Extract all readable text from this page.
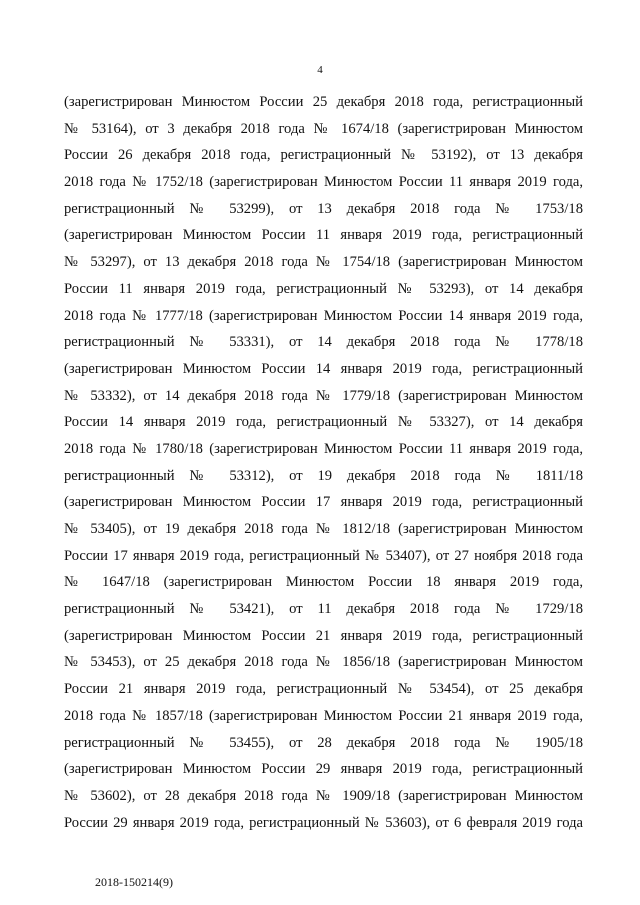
4
(зарегистрирован Минюстом России 25 декабря 2018 года, регистрационный
№ 53164), от 3 декабря 2018 года № 1674/18 (зарегистрирован Минюстом
России 26 декабря 2018 года, регистрационный № 53192), от 13 декабря
2018 года № 1752/18 (зарегистрирован Минюстом России 11 января 2019 года,
регистрационный № 53299), от 13 декабря 2018 года № 1753/18
(зарегистрирован Минюстом России 11 января 2019 года, регистрационный
№ 53297), от 13 декабря 2018 года № 1754/18 (зарегистрирован Минюстом
России 11 января 2019 года, регистрационный № 53293), от 14 декабря
2018 года № 1777/18 (зарегистрирован Минюстом России 14 января 2019 года,
регистрационный № 53331), от 14 декабря 2018 года № 1778/18
(зарегистрирован Минюстом России 14 января 2019 года, регистрационный
№ 53332), от 14 декабря 2018 года № 1779/18 (зарегистрирован Минюстом
России 14 января 2019 года, регистрационный № 53327), от 14 декабря
2018 года № 1780/18 (зарегистрирован Минюстом России 11 января 2019 года,
регистрационный № 53312), от 19 декабря 2018 года № 1811/18
(зарегистрирован Минюстом России 17 января 2019 года, регистрационный
№ 53405), от 19 декабря 2018 года № 1812/18 (зарегистрирован Минюстом
России 17 января 2019 года, регистрационный № 53407), от 27 ноября 2018 года
№ 1647/18 (зарегистрирован Минюстом России 18 января 2019 года,
регистрационный № 53421), от 11 декабря 2018 года № 1729/18
(зарегистрирован Минюстом России 21 января 2019 года, регистрационный
№ 53453), от 25 декабря 2018 года № 1856/18 (зарегистрирован Минюстом
России 21 января 2019 года, регистрационный № 53454), от 25 декабря
2018 года № 1857/18 (зарегистрирован Минюстом России 21 января 2019 года,
регистрационный № 53455), от 28 декабря 2018 года № 1905/18
(зарегистрирован Минюстом России 29 января 2019 года, регистрационный
№ 53602), от 28 декабря 2018 года № 1909/18 (зарегистрирован Минюстом
России 29 января 2019 года, регистрационный № 53603), от 6 февраля 2019 года
2018-150214(9)
